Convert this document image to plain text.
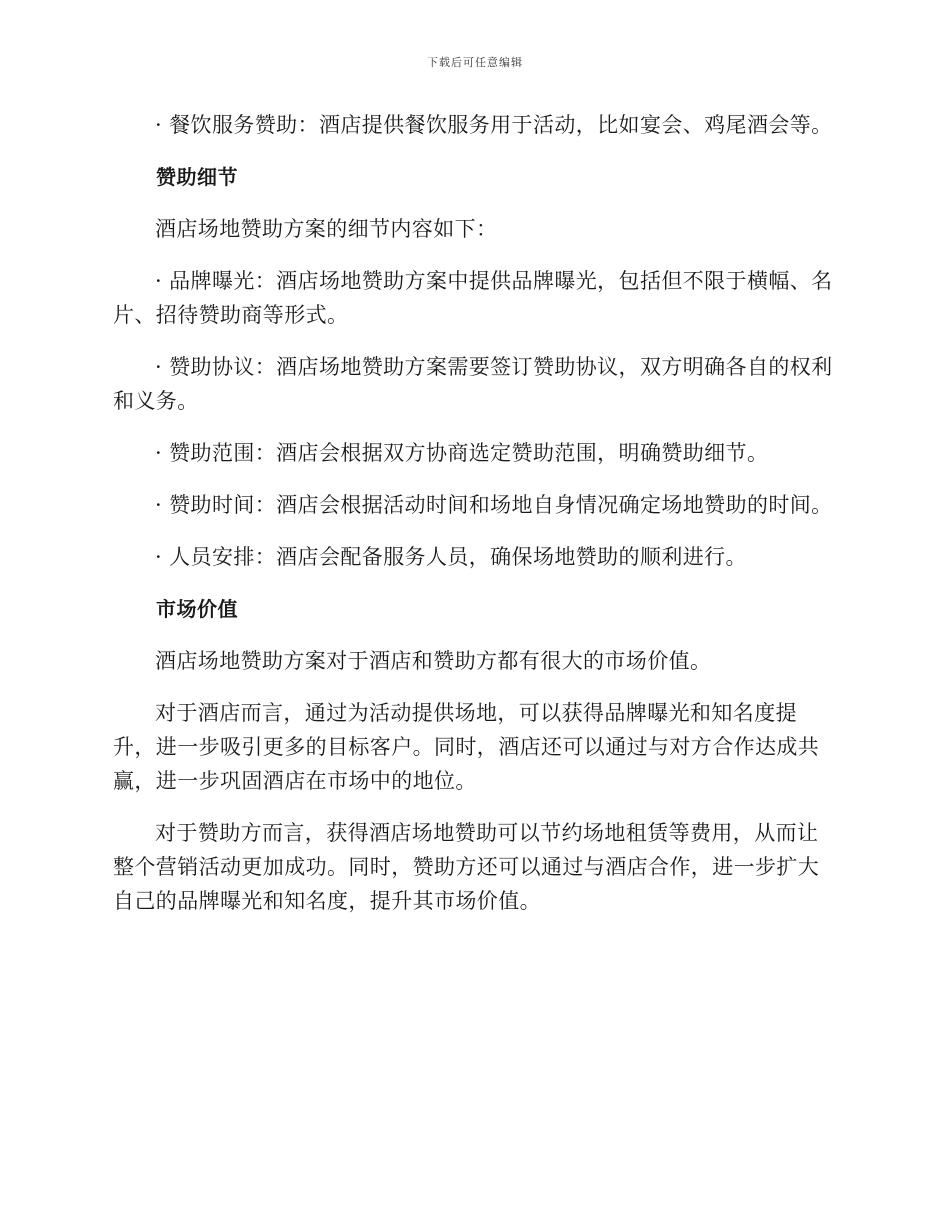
下载后可任意编辑

· 餐饮服务赞助：酒店提供餐饮服务用于活动，比如宴会、鸡尾酒会等。

赞助细节

酒店场地赞助方案的细节内容如下：

· 品牌曝光：酒店场地赞助方案中提供品牌曝光，包括但不限于横幅、名片、招待赞助商等形式。

· 赞助协议：酒店场地赞助方案需要签订赞助协议，双方明确各自的权利和义务。

· 赞助范围：酒店会根据双方协商选定赞助范围，明确赞助细节。

· 赞助时间：酒店会根据活动时间和场地自身情况确定场地赞助的时间。

· 人员安排：酒店会配备服务人员，确保场地赞助的顺利进行。

市场价值

酒店场地赞助方案对于酒店和赞助方都有很大的市场价值。

对于酒店而言，通过为活动提供场地，可以获得品牌曝光和知名度提升，进一步吸引更多的目标客户。同时，酒店还可以通过与对方合作达成共赢，进一步巩固酒店在市场中的地位。

对于赞助方而言，获得酒店场地赞助可以节约场地租赁等费用，从而让整个营销活动更加成功。同时，赞助方还可以通过与酒店合作，进一步扩大自己的品牌曝光和知名度，提升其市场价值。
